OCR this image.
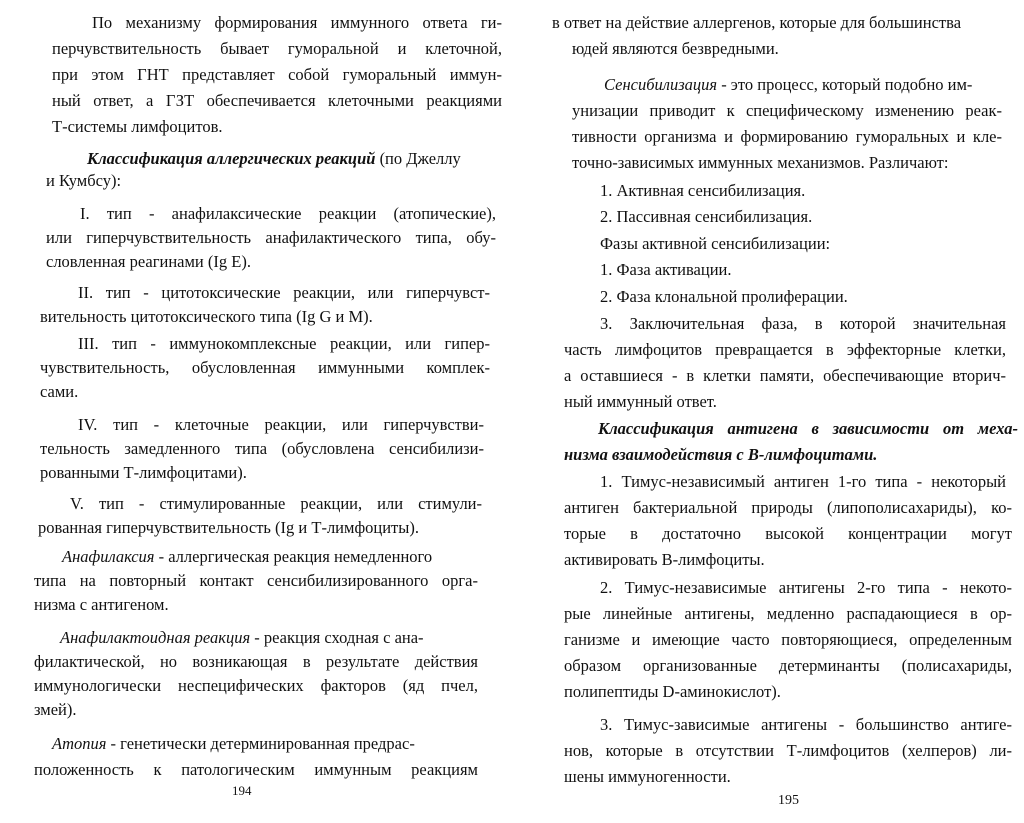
По механизму формирования иммунного ответа ги-
перчувствительность бывает гуморальной и клеточной,
при этом ГНТ представляет собой гуморальный иммун-
ный ответ, а ГЗТ обеспечивается клеточными реакциями
Т-системы лимфоцитов.
Классификация аллергических реакций (по Джеллу
и Кумбсу):
I. тип - анафилаксические реакции (атопические),
или гиперчувствительность анафилактического типа, обу-
словленная реагинами (Ig E).
II. тип - цитотоксические реакции, или гиперчувст-
вительность цитотоксического типа (Ig G и M).
III. тип - иммунокомплексные реакции, или гипер-
чувствительность, обусловленная иммунными комплек-
сами.
IV. тип - клеточные реакции, или гиперчувстви-
тельность замедленного типа (обусловлена сенсибилизи-
рованными Т-лимфоцитами).
V. тип - стимулированные реакции, или стимули-
рованная гиперчувствительность (Ig и Т-лимфоциты).
Анафилаксия - аллергическая реакция немедленного
типа на повторный контакт сенсибилизированного орга-
низма с антигеном.
Анафилактоидная реакция - реакция сходная с ана-
филактической, но возникающая в результате действия
иммунологически неспецифических факторов (яд пчел,
змей).
Атопия - генетически детерминированная предрас-
положенность к патологическим иммунным реакциям
194
в ответ на действие аллергенов, которые для большинства
юдей являются безвредными.
Сенсибилизация - это процесс, который подобно им-
унизации приводит к специфическому изменению реак-
тивности организма и формированию гуморальных и кле-
точно-зависимых иммунных механизмов. Различают:
1. Активная сенсибилизация.
2. Пассивная сенсибилизация.
Фазы активной сенсибилизации:
1. Фаза активации.
2. Фаза клональной пролиферации.
3. Заключительная фаза, в которой значительная
часть лимфоцитов превращается в эффекторные клетки,
а оставшиеся - в клетки памяти, обеспечивающие вторич-
ный иммунный ответ.
Классификация антигена в зависимости от меха-
низма взаимодействия с В-лимфоцитами.
1. Тимус-независимый антиген 1-го типа - некоторый
антиген бактериальной природы (липополисахариды), ко-
торые в достаточно высокой концентрации могут
активировать В-лимфоциты.
2. Тимус-независимые антигены 2-го типа - некото-
рые линейные антигены, медленно распадающиеся в ор-
ганизме и имеющие часто повторяющиеся, определенным
образом организованные детерминанты (полисахариды,
полипептиды D-аминокислот).
3. Тимус-зависимые антигены - большинство антиге-
нов, которые в отсутствии Т-лимфоцитов (хелперов) ли-
шены иммуногенности.
195
